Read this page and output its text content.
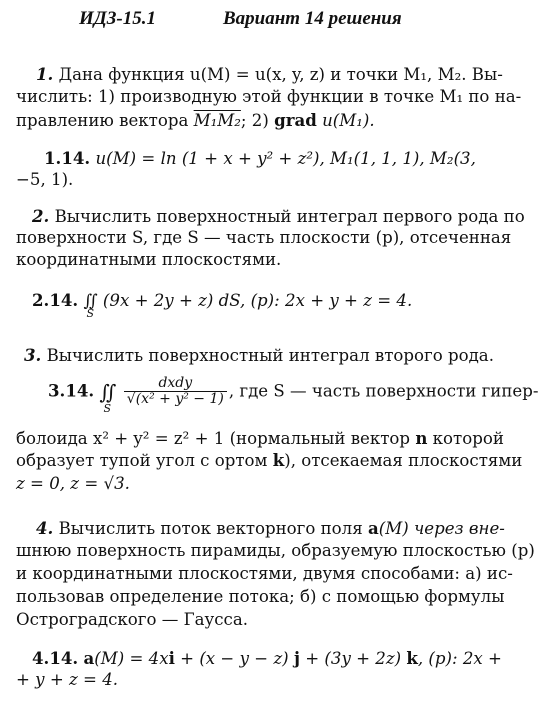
ИДЗ-15.1	Вариант 14 решения
1. Дана функция u(M) = u(x, y, z) и точки M₁, M₂. Вы-
числить: 1) производную этой функции в точке M₁ по на-
правлению вектора M₁M₂; 2) grad u(M₁).
1.14. u(M) = ln (1 + x + y² + z²), M₁(1, 1, 1), M₂(3,
−5, 1).
2. Вычислить поверхностный интеграл первого рода по
поверхности S, где S — часть плоскости (p), отсеченная
координатными плоскостями.
2.14. ∬
S
(9x + 2y + z) dS, (p): 2x + y + z = 4.
3. Вычислить поверхностный интеграл второго рода.
3.14. ∬
S

$\frac{\text{dxdy}}{\text{√(x² + y² − 1)}}$ , где S — часть поверхности гипер-
болоида x² + y² = z² + 1 (нормальный вектор n которой
образует тупой угол с ортом k), отсекаемая плоскостями
z = 0, z = √3.
4. Вычислить поток векторного поля a(M) через вне-
шнюю поверхность пирамиды, образуемую плоскостью (p)
и координатными плоскостями, двумя способами: а) ис-
пользовав определение потока; б) с помощью формулы
Остроградского — Гаусса.
4.14. a(M) = 4xi + (x − y − z) j + (3y + 2z) k, (p): 2x +
+ y + z = 4.
